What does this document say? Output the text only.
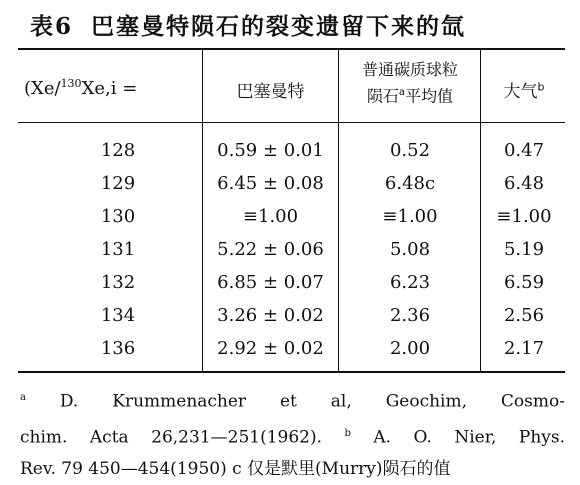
表6 巴塞曼特陨石的裂变遗留下来的氙
(Xe/$^{130}$Xe,i =	巴塞曼特
普通碳质球粒
陨石$^a$平均值	大气$^b$
128	0.59 ± 0.01	0.52	0.47
129	6.45 ± 0.08	6.48c	6.48
130	≡1.00	≡1.00	≡1.00
131	5.22 ± 0.06	5.08	5.19
132	6.85 ± 0.07	6.23	6.59
134	3.26 ± 0.02	2.36	2.56
136	2.92 ± 0.02	2.00	2.17
$^a$ D. Krummenacher et al, Geochim, Cosmo-
chim. Acta 26,231—251(1962). $^b$ A. O. Nier, Phys.
Rev. 79 450—454(1950) c 仅是默里(Murry)陨石的值
